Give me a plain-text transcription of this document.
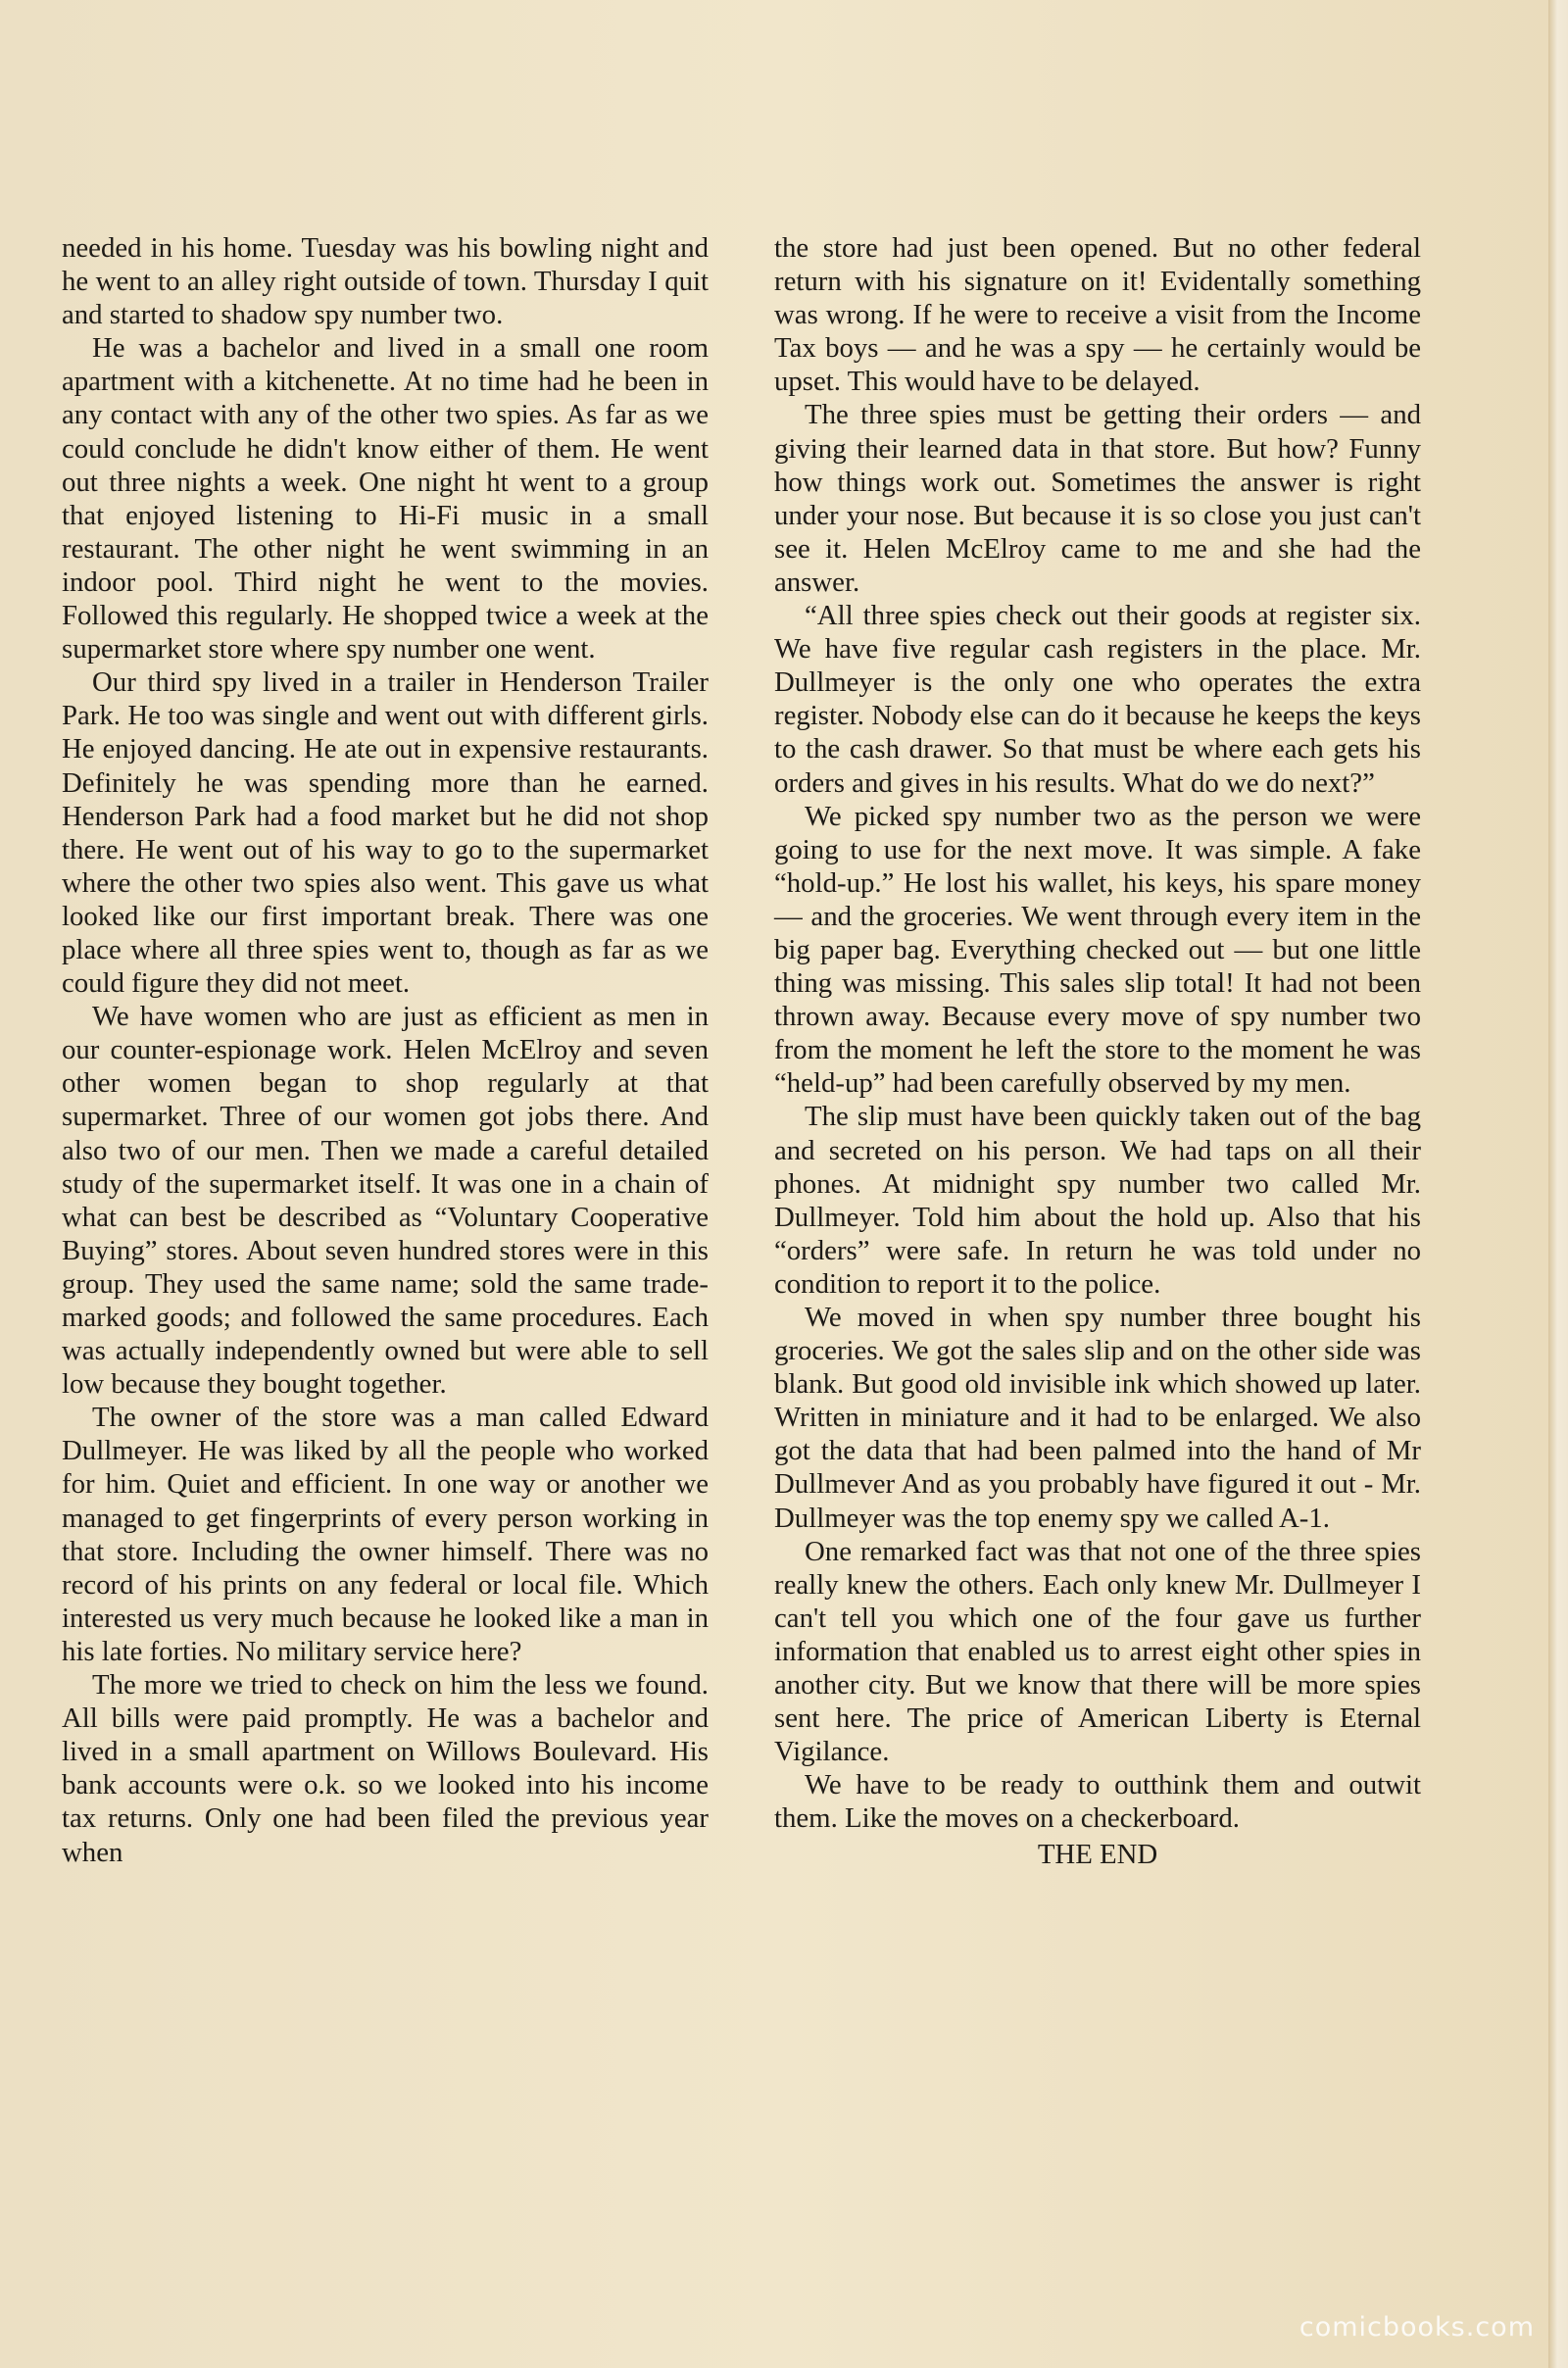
needed in his home. Tuesday was his bowling night and he went to an alley right outside of town. Thursday I quit and started to shadow spy number two.

He was a bachelor and lived in a small one room apartment with a kitchenette. At no time had he been in any contact with any of the other two spies. As far as we could conclude he didn't know either of them. He went out three nights a week. One night ht went to a group that enjoyed listening to Hi-Fi music in a small restaurant. The other night he went swimming in an indoor pool. Third night he went to the movies. Followed this regularly. He shopped twice a week at the supermarket store where spy number one went.

Our third spy lived in a trailer in Henderson Trailer Park. He too was single and went out with different girls. He enjoyed dancing. He ate out in expensive restaurants. Definitely he was spending more than he earned. Henderson Park had a food market but he did not shop there. He went out of his way to go to the supermarket where the other two spies also went. This gave us what looked like our first important break. There was one place where all three spies went to, though as far as we could figure they did not meet.

We have women who are just as efficient as men in our counter-espionage work. Helen McElroy and seven other women began to shop regularly at that supermarket. Three of our women got jobs there. And also two of our men. Then we made a careful detailed study of the supermarket itself. It was one in a chain of what can best be described as “Voluntary Cooperative Buying” stores. About seven hundred stores were in this group. They used the same name; sold the same trade-marked goods; and followed the same procedures. Each was actually independently owned but were able to sell low because they bought together.

The owner of the store was a man called Edward Dullmeyer. He was liked by all the people who worked for him. Quiet and efficient. In one way or another we managed to get fingerprints of every person working in that store. Including the owner himself. There was no record of his prints on any federal or local file. Which interested us very much because he looked like a man in his late forties. No military service here?

The more we tried to check on him the less we found. All bills were paid promptly. He was a bachelor and lived in a small apartment on Willows Boulevard. His bank accounts were o.k. so we looked into his income tax returns. Only one had been filed the previous year when

the store had just been opened. But no other federal return with his signature on it! Evidentally something was wrong. If he were to receive a visit from the Income Tax boys — and he was a spy — he certainly would be upset. This would have to be delayed.

The three spies must be getting their orders — and giving their learned data in that store. But how? Funny how things work out. Sometimes the answer is right under your nose. But because it is so close you just can't see it. Helen McElroy came to me and she had the answer.

“All three spies check out their goods at register six. We have five regular cash registers in the place. Mr. Dullmeyer is the only one who operates the extra register. Nobody else can do it because he keeps the keys to the cash drawer. So that must be where each gets his orders and gives in his results. What do we do next?”

We picked spy number two as the person we were going to use for the next move. It was simple. A fake “hold-up.” He lost his wallet, his keys, his spare money — and the groceries. We went through every item in the big paper bag. Everything checked out — but one little thing was missing. This sales slip total! It had not been thrown away. Because every move of spy number two from the moment he left the store to the moment he was “held-up” had been carefully observed by my men.

The slip must have been quickly taken out of the bag and secreted on his person. We had taps on all their phones. At midnight spy number two called Mr. Dullmeyer. Told him about the hold up. Also that his “orders” were safe. In return he was told under no condition to report it to the police.

We moved in when spy number three bought his groceries. We got the sales slip and on the other side was blank. But good old invisible ink which showed up later. Written in miniature and it had to be enlarged. We also got the data that had been palmed into the hand of Mr Dullmever And as you probably have figured it out - Mr. Dullmeyer was the top enemy spy we called A-1.

One remarked fact was that not one of the three spies really knew the others. Each only knew Mr. Dullmeyer I can't tell you which one of the four gave us further information that enabled us to arrest eight other spies in another city. But we know that there will be more spies sent here. The price of American Liberty is Eternal Vigilance.

We have to be ready to outthink them and outwit them. Like the moves on a checkerboard.

THE END

comicbooks.com
